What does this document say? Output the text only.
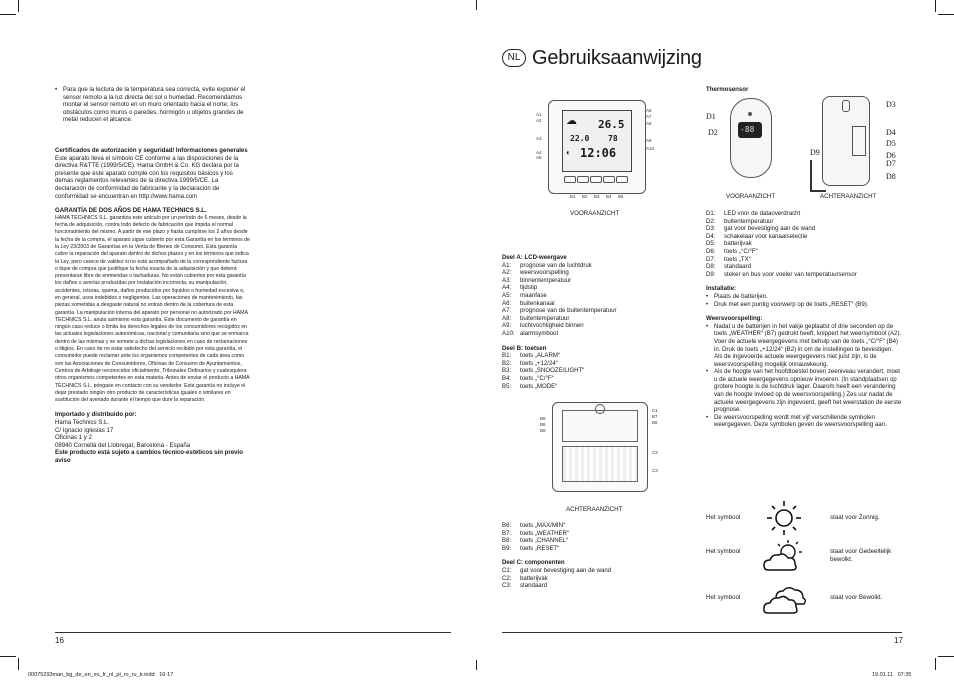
NL Gebruiksaanwijzing

• Para que la lectura de la temperatura sea correcta, evite exponer el sensor remoto a la luz directa del sol o humedad. Recomendamos montar el sensor remoto en un muro orientado hacia el norte; los obstáculos como muros o paredes, hormigón u objetos grandes de metal reducen el alcance.

Certificados de autorización y seguridad/ Informaciones generales

Este aparato lleva el símbolo CE conforme a las disposiciones de la directiva R&TTE (1999/5/CE). Hama GmbH & Co. KG declara por la presente que este aparato cumple con los requisitos básicos y los demás reglamentos relevantes de la directiva 1999/5/CE. La declaración de conformidad de fabricante y la declaración de conformidad se encuentran en http://www.hama.com

GARANTÍA DE DOS AÑOS DE HAMA TECHNICS S.L.

HAMA TECHNICS S.L. garantiza este artículo por un período de 6 meses, desde la fecha de adquisición, contra todo defecto de fabricación que impida el normal funcionamiento del mismo. A partir de ese plazo y hasta cumplirse los 2 años desde la fecha de la compra, el aparato sigue cubierto por esta Garantía en los términos de la Ley 23/2003 de Garantías en la Venta de Bienes de Consumo. Esta garantía cubre la reparación del aparato dentro de dichos plazos y en los términos que indica la Ley, pero carece de validez si no está acompañado de la correspondiente factura o tique de compra que justifique la fecha exacta de la adquisición y que deberá presentarse libre de enmiendas o tachaduras. No están cubiertos por esta garantía los daños o averías producidas por instalación incorrecta, su manipulación, accidentes, roturas, quema, daños producidos por líquidos o humedad excesiva o, en general, usos indebidos o negligentes. Las operaciones de mantenimiento, las piezas sometidas a desgaste natural no entran dentro de la cobertura de esta garantía. La manipulación interna del aparato por personal no autorizado por HAMA TECHNICS S.L. anula asimismo esta garantía. Este documento de garantía en ningún caso reduce o limita los derechos legales de los consumidores recogidos en las actuales legislaciones autonómicas, nacional y comunitaria sino que se enmarca dentro de las mismas y se somete a dichas legislaciones en caso de reclamaciones o litigios. En caso de no estar satisfecho del servicio recibido por esta garantía, el consumidor puede reclamar ante los organismos competentes de cada área como son las Asociaciones de Consumidores, Oficinas de Consumo de Ayuntamientos, Centros de Arbitraje reconocidos oficialmente, Tribunales Ordinarios y cualesquiera otros organismos competentes en esta materia. Antes de enviar el producto a HAMA TECHNICS S.L. póngase en contacto con su vendedor. Esta garantía no incluye el dejar prestado ningún otro producto de características iguales o similares en sustitución del averiado durante el tiempo que dure la reparación.

Importado y distribuido por:

Hama Technics S.L.

C/ Ignacio Iglesias 17

Oficinas 1 y 2

08940 Cornellà del Llobregat, Barcelona - España

Este producto está sujeto a cambios técnico-estéticos sin previo aviso

☁ 26.5
22.0 78
12:06
◐
A1
A2
A3
A4
A5
A6
A7
A8
A9
A10
B1 B2 B3 B4 B5
VOORAANZICHT

Deel A: LCD-weergave

A1:	prognose van de luchtdruk
A2:	weersvoorspelling
A3:	binnentemperatuur
A4:	tijdstip
A5:	maanfase
A6:	buitenkanaal
A7:	prognose van de buitentemperatuur
A8:	buitentemperatuur
A9:	luchtvochtigheid binnen
A10: alarmsymbool

Deel B: toetsen

B1:	toets „ALARM“
B2:	toets „+12/24“
B3:	toets „SNOOZE/LIGHT“
B4:	toets „°C/°F“
B5:	toets „MODE“
B6
B8
B9
C1
B7
B6
C2
C3
ACHTERAANZICHT
B6:	toets „MAX/MIN“
B7:	toets „WEATHER“
B8:	toets „CHANNEL“
B9:	toets „RESET“

Deel C: componenten

C1:	gat voor bevestiging aan de wand
C2:	batterijvak
C3:	standaard
Thermosensor
-88
D1
D2
D9
D3
D4
D5
D6
D7
D8
VOORAANZICHT	ACHTERAANZICHT
D1:	LED voor de dataoverdracht
D2:	buitentemperatuur
D3:	gat voor bevestiging aan de wand
D4:	schakelaar voor kanaalselectie
D5:	batterijvak
D6:	toets „°C/°F“
D7:	toets „TX“
D8:	standaard
D9:	steker en bus voor voeler van temperatuursensor

Installatie:

• Plaats de batterijen.

• Druk met een puntig voorwerp op de toets „RESET“ (B9).

Weersvoorspelling:

• Nadat u de batterijen in het vakje geplaatst of drie seconden op de toets „WEATHER“ (B7) gedrukt heeft, knippert het weersymbool (A2). Voer de actuele weergegevens met behulp van de toets „°C/°F“ (B4) in. Druk de toets „+12/24“ (B2) in om de instellingen te bevestigen. Als de ingevoerde actuele weergegevens niet juist zijn, is de weersvoorspelling mogelijk onnauwkeurig.

• Als de hoogte van het hoofdtoestel boven zeeniveau verandert, moet u de actuele weergegevens opnieuw invoeren. (In standplaatsen op grotere hoogte is de luchtdruk lager. Daarom heeft een verandering van de hoogte invloed op de weersvoorspelling.) Zes uur nadat de actuele weergegevens zijn ingevoerd, geeft het weerstation de eerste prognose.

• De weersvoorspelling wordt met vijf verschillende symbolen weergegeven. Deze symbolen geven de weersvoorspelling aan.

Het symbool	staat voor Zonnig.
Het symbool	staat voor Gedeeltelijk bewolkt.
Het symbool	staat voor Bewolkt.
16	17
00075293man_bg_de_en_es_fr_nl_pl_ro_ru_tr.indd   16-17	19.01.11   07:35
